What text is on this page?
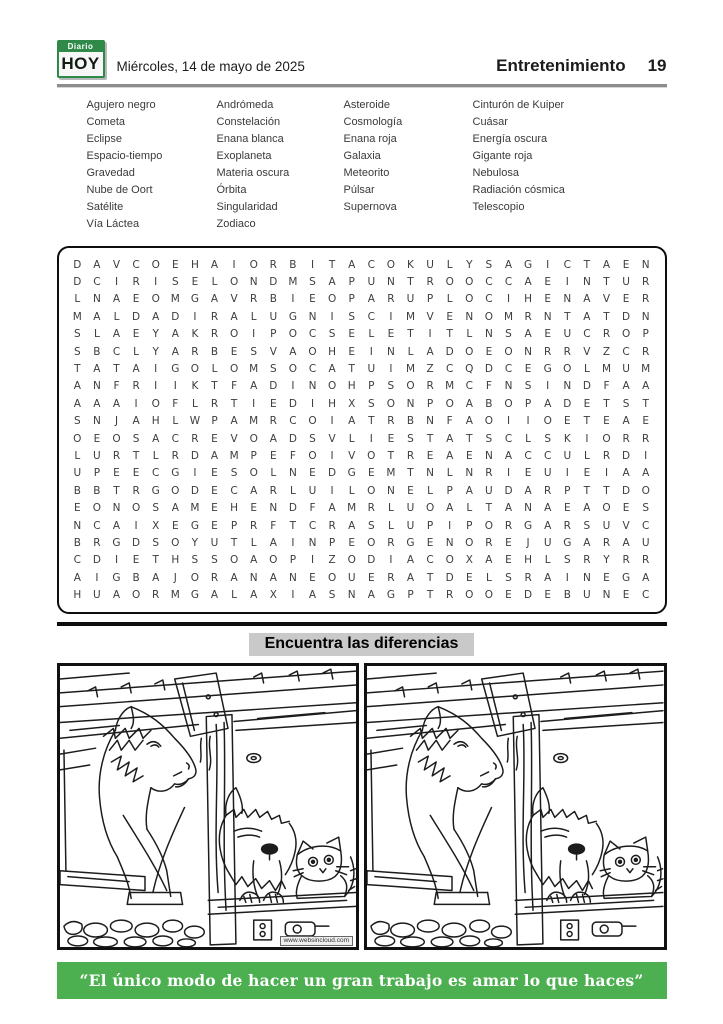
Diario
HOY Miércoles, 14 de mayo de 2025	Entretenimiento 19
Agujero negro
Cometa
Eclipse
Espacio-tiempo
Gravedad
Nube de Oort
Satélite
Vía Láctea
Andrómeda
Constelación
Enana blanca
Exoplaneta
Materia oscura
Órbita
Singularidad
Zodiaco
Asteroide
Cosmología
Enana roja
Galaxia
Meteorito
Púlsar
Supernova
Cinturón de Kuiper
Cuásar
Energía oscura
Gigante roja
Nebulosa
Radiación cósmica
Telescopio
D	A	V	C	O	E	H	A	I	O	R	B	I	T	A	C	O	K	U	L	Y	S	A	G	I	C	T	A	E	N
D	C	I	R	I	S	E	L	O	N	D	M	S	A	P	U	N	T	R	O	O	C	C	A	E	I	N	T	U	R
L	N	A	E	O	M	G	A	V	R	B	I	E	O	P	A	R	U	P	L	O	C	I	H	E	N	A	V	E	R
M	A	L	D	A	D	I	R	A	L	U	G	N	I	S	C	I	M	V	E	N	O	M	R	N	T	A	T	D	N
S	L	A	E	Y	A	K	R	O	I	P	O	C	S	E	L	E	T	I	T	L	N	S	A	E	U	C	R	O	P
S	B	C	L	Y	A	R	B	E	S	V	A	O	H	E	I	N	L	A	D	O	E	O	N	R	R	V	Z	C	R
T	A	T	A	I	G	O	L	O	M	S	O	C	A	T	U	I	M	Z	C	Q	D	C	E	G	O	L	M	U	M
A	N	F	R	I	I	K	T	F	A	D	I	N	O	H	P	S	O	R	M	C	F	N	S	I	N	D	F	A	A
A	A	A	I	O	F	L	R	T	I	E	D	I	H	X	S	O	N	P	O	A	B	O	P	A	D	E	T	S	T
S	N	J	A	H	L	W	P	A	M	R	C	O	I	A	T	R	B	N	F	A	O	I	I	O	E	T	E	A	E
O	E	O	S	A	C	R	E	V	O	A	D	S	V	L	I	E	S	T	A	T	S	C	L	S	K	I	O	R	R
L	U	R	T	L	R	D	A	M	P	E	F	O	I	V	O	T	R	E	A	E	N	A	C	C	U	L	R	D	I
U	P	E	E	C	G	I	E	S	O	L	N	E	D	G	E	M	T	N	L	N	R	I	E	U	I	E	I	A	A
B	B	T	R	G	O	D	E	C	A	R	L	U	I	L	O	N	E	L	P	A	U	D	A	R	P	T	T	D	O
E	O	N	O	S	A	M	E	H	E	N	D	F	A	M	R	L	U	O	A	L	T	A	N	A	E	A	O	E	S
N	C	A	I	X	E	G	E	P	R	F	T	C	R	A	S	L	U	P	I	P	O	R	G	A	R	S	U	V	C
B	R	G	D	S	O	Y	U	T	L	A	I	N	P	E	O	R	G	E	N	O	R	E	J	U	G	A	R	A	U
C	D	I	E	T	H	S	S	O	A	O	P	I	Z	O	D	I	A	C	O	X	A	E	H	L	S	R	Y	R	R
A	I	G	B	A	J	O	R	A	N	A	N	E	O	U	E	R	A	T	D	E	L	S	R	A	I	N	E	G	A
H	U	A	O	R	M	G	A	L	A	X	I	A	S	N	A	G	P	T	R	O	O	E	D	E	B	U	N	E	C
Encuentra las diferencias
www.websincloud.com
“El único modo de hacer un gran trabajo es amar lo que haces”
